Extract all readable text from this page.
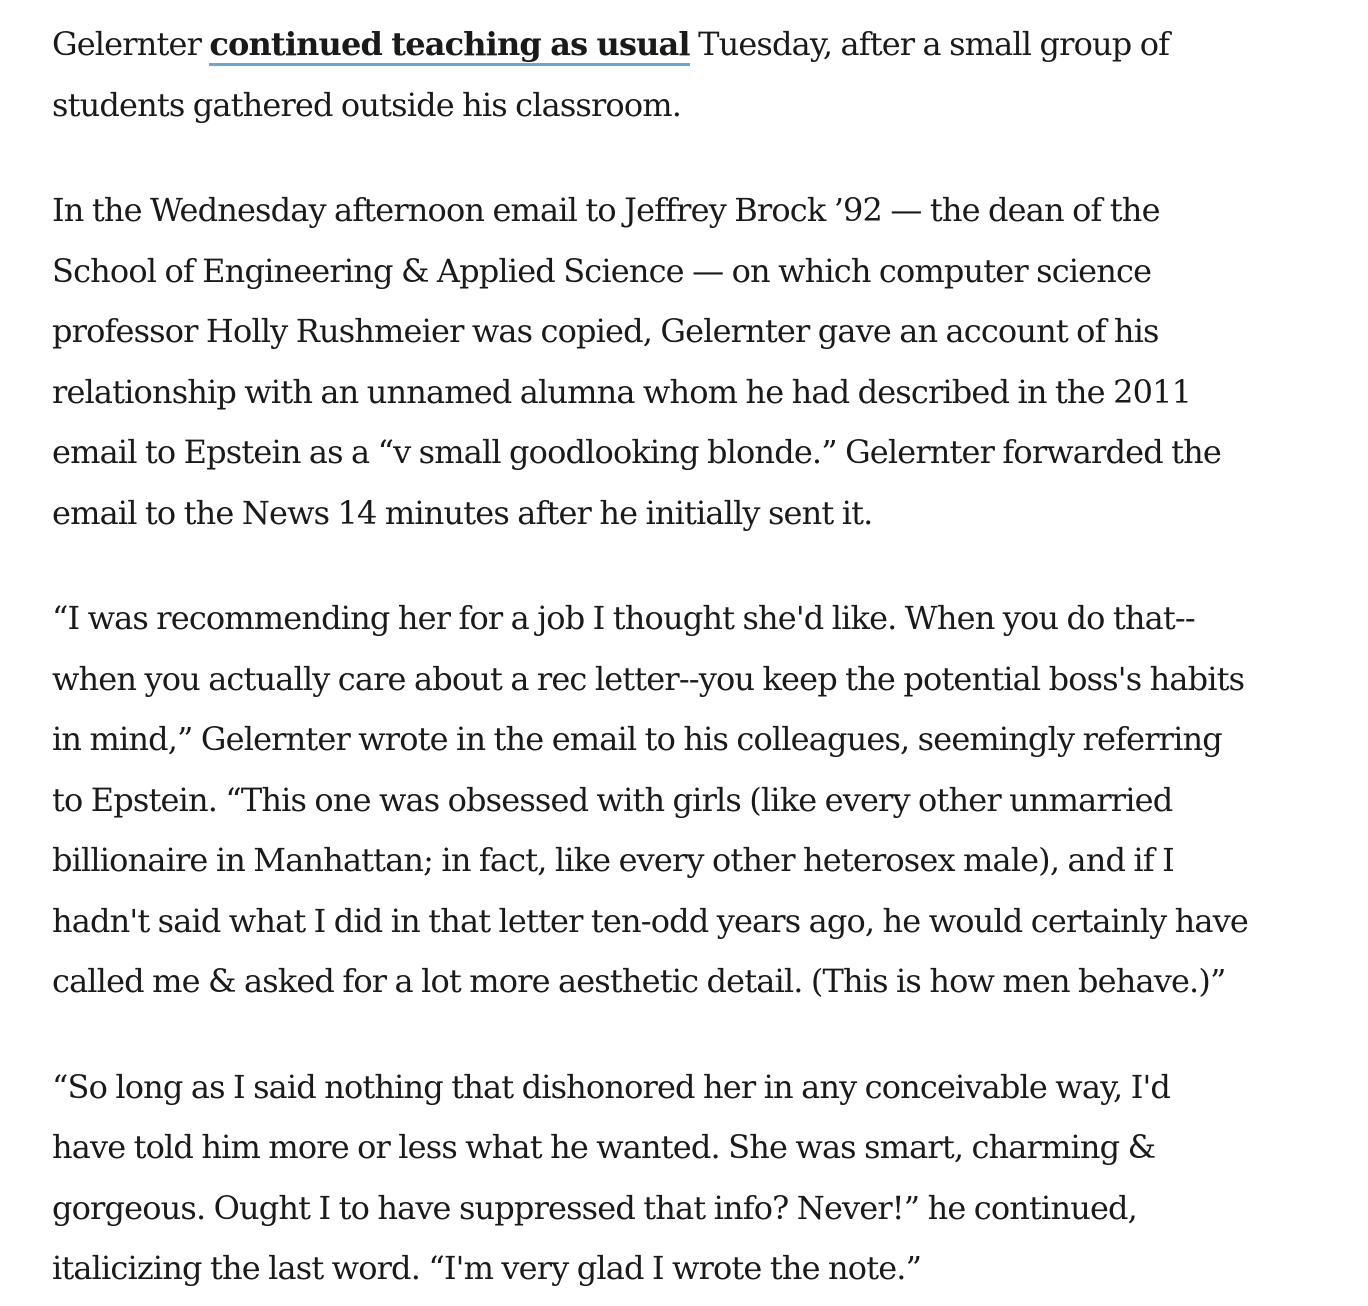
Gelernter continued teaching as usual Tuesday, after a small group of
students gathered outside his classroom.

In the Wednesday afternoon email to Jeffrey Brock ’92 — the dean of the
School of Engineering & Applied Science — on which computer science
professor Holly Rushmeier was copied, Gelernter gave an account of his
relationship with an unnamed alumna whom he had described in the 2011
email to Epstein as a “v small goodlooking blonde.” Gelernter forwarded the
email to the News 14 minutes after he initially sent it.

“I was recommending her for a job I thought she'd like. When you do that--
when you actually care about a rec letter--you keep the potential boss's habits
in mind,” Gelernter wrote in the email to his colleagues, seemingly referring
to Epstein. “This one was obsessed with girls (like every other unmarried
billionaire in Manhattan; in fact, like every other heterosex male), and if I
hadn't said what I did in that letter ten-odd years ago, he would certainly have
called me & asked for a lot more aesthetic detail. (This is how men behave.)”

“So long as I said nothing that dishonored her in any conceivable way, I'd
have told him more or less what he wanted. She was smart, charming &
gorgeous. Ought I to have suppressed that info? Never!” he continued,
italicizing the last word. “I'm very glad I wrote the note.”
